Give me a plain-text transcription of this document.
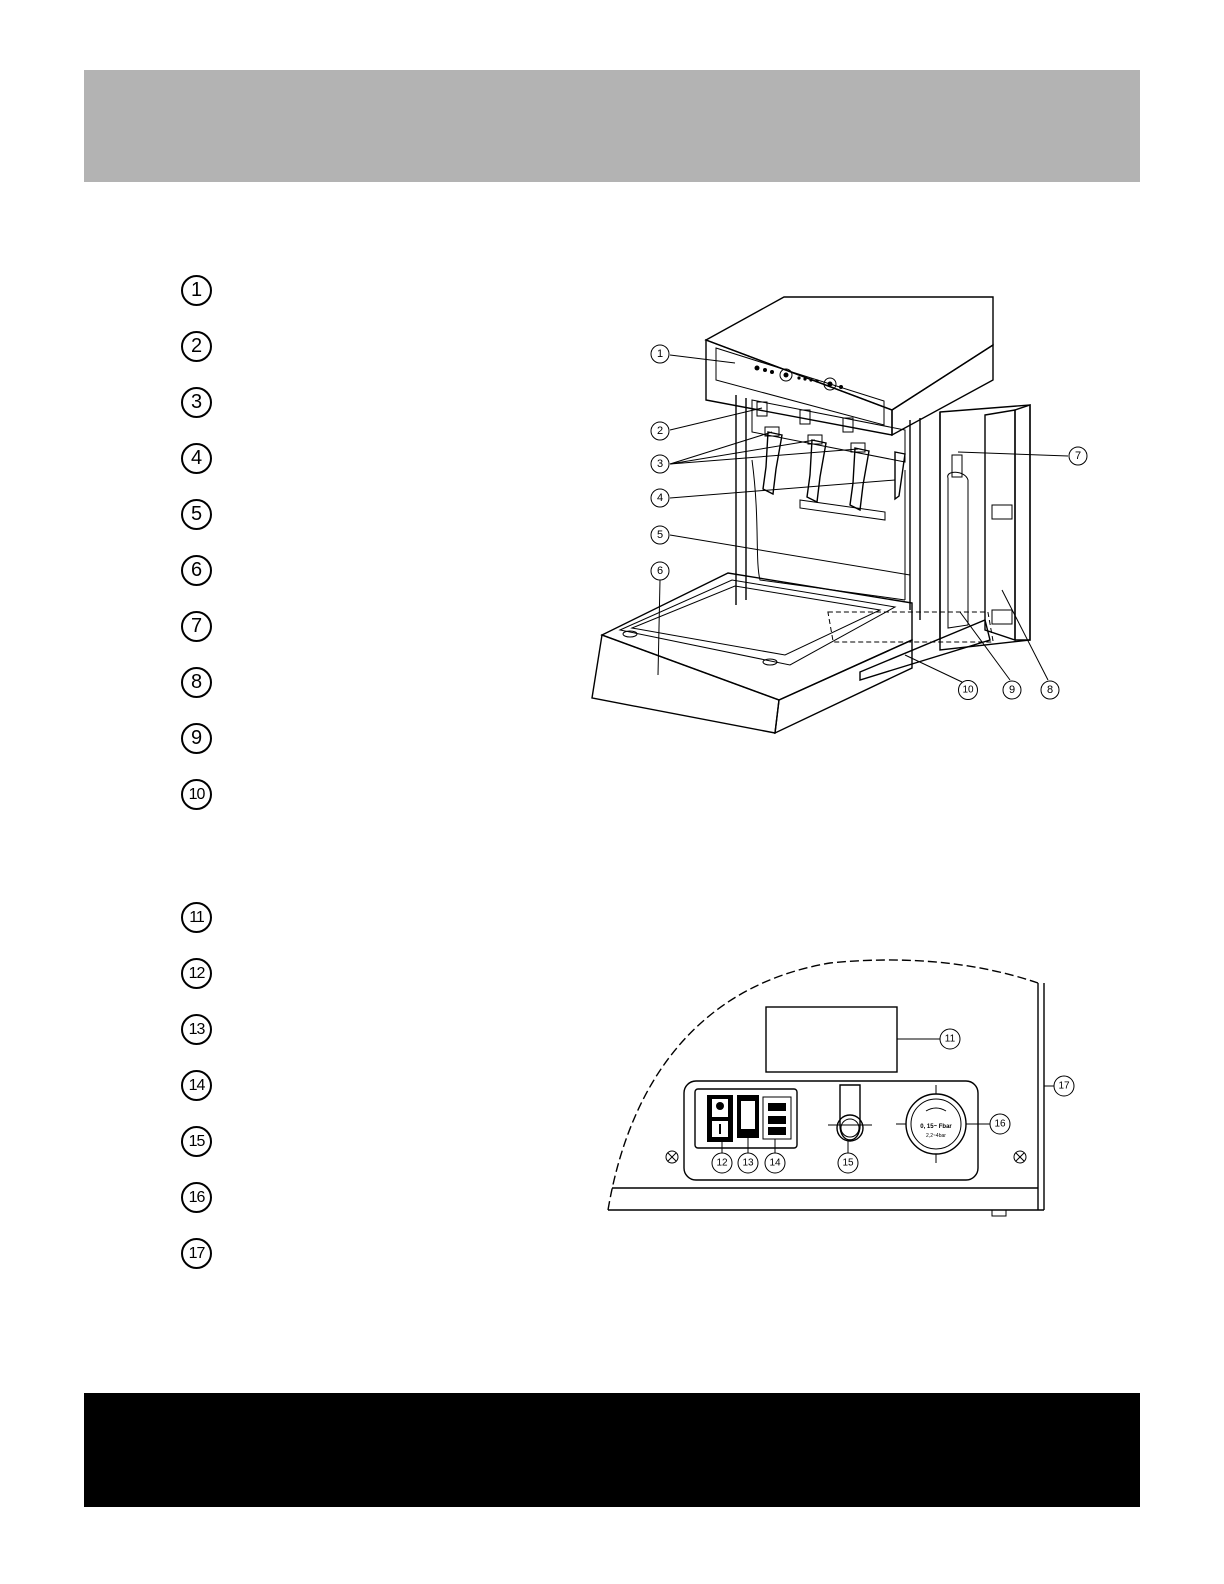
1
2
3
4
5
6
7
8
9
10
11
12
13
14
15
16
17
1
2
3
4
5
6
7
8
9
10
11
0, 15~ Fbar
2,2~4bar
12 13 14	15
16
17
